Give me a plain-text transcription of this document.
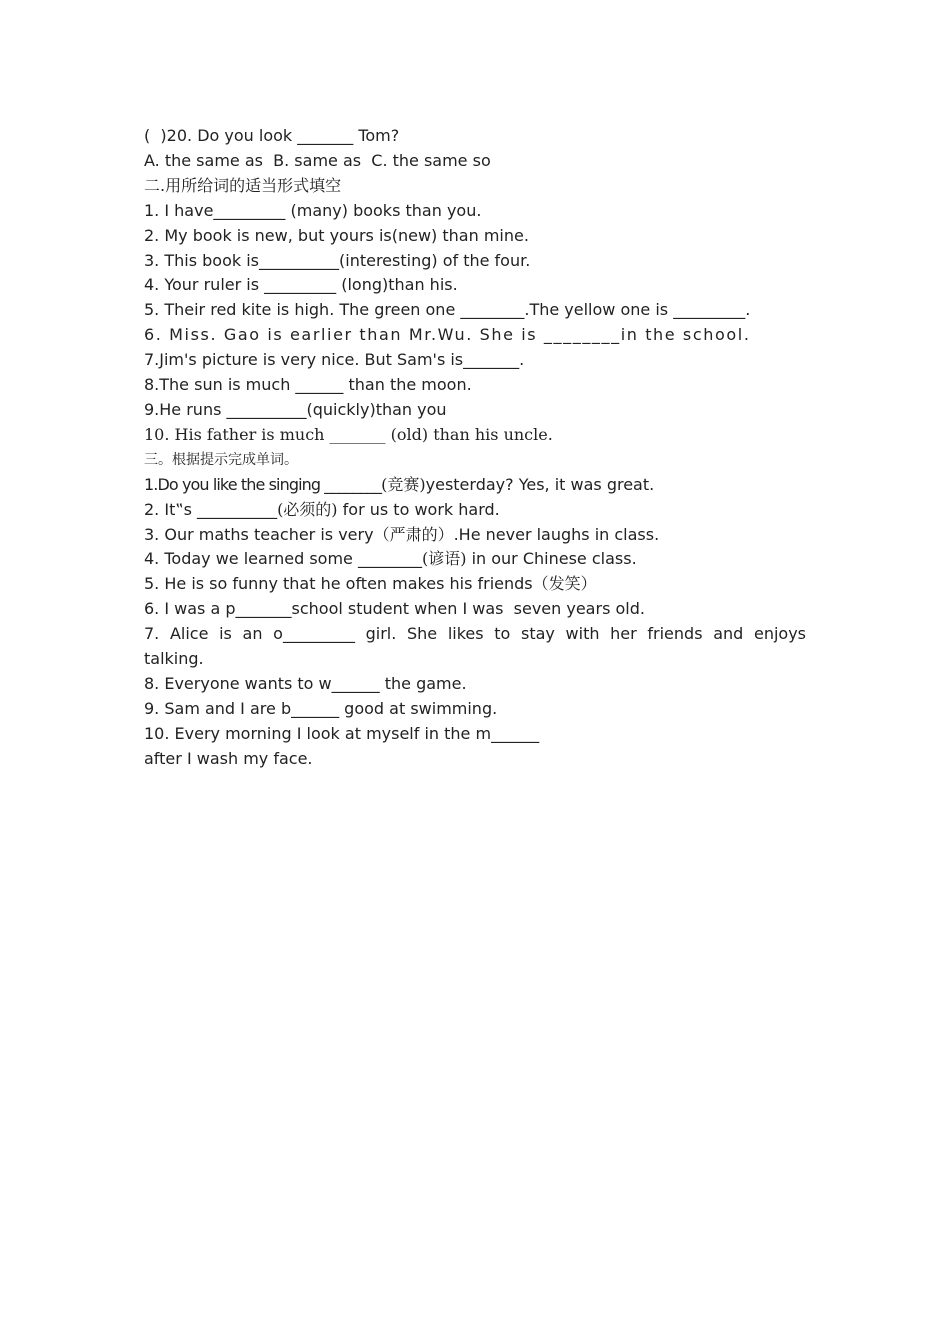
(  )20. Do you look _______ Tom?

A. the same as  B. same as  C. the same so

二.用所给词的适当形式填空

1. I have_________ (many) books than you.

2. My book is new, but yours is(new) than mine.

3. This book is__________(interesting) of the four.

4. Your ruler is _________ (long)than his.

5. Their red kite is high. The green one ________.The yellow one is _________.

6. Miss. Gao is earlier than Mr.Wu. She is ________in the school.

7.Jim's picture is very nice. But Sam's is_______.

8.The sun is much ______ than the moon.

9.He runs __________(quickly)than you

10. His father is much _______ (old) than his uncle.

三。根据提示完成单词。

1.Do you like the singing ________(竞赛)yesterday? Yes, it was great.

2. It‟s __________(必须的) for us to work hard.

3. Our maths teacher is very（严肃的）.He never laughs in class.

4. Today we learned some ________(谚语) in our Chinese class.

5. He is so funny that he often makes his friends（发笑）

6. I was a p_______school student when I was  seven years old.

7. Alice is an o_________ girl. She likes to stay with her friends and enjoys

talking.

8. Everyone wants to w______ the game.

9. Sam and I are b______ good at swimming.

10. Every morning I look at myself in the m______

after I wash my face.
